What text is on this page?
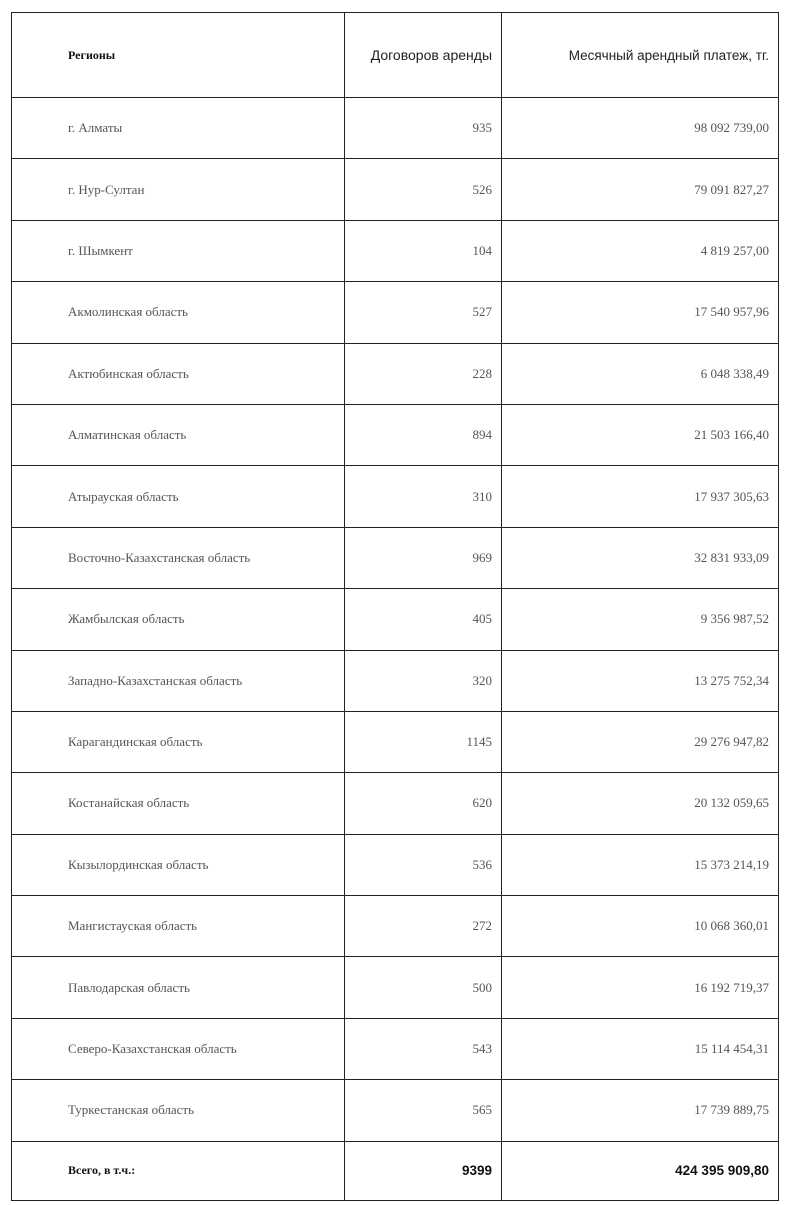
Регионы	Договоров аренды	Месячный арендный платеж, тг.
г. Алматы	935	98 092 739,00
г. Нур-Султан	526	79 091 827,27
г. Шымкент	104	4 819 257,00
Акмолинская область	527	17 540 957,96
Актюбинская область	228	6 048 338,49
Алматинская область	894	21 503 166,40
Атырауская область	310	17 937 305,63
Восточно-Казахстанская область	969	32 831 933,09
Жамбылская область	405	9 356 987,52
Западно-Казахстанская область	320	13 275 752,34
Карагандинская область	1145	29 276 947,82
Костанайская область	620	20 132 059,65
Кызылординская область	536	15 373 214,19
Мангистауская область	272	10 068 360,01
Павлодарская область	500	16 192 719,37
Северо-Казахстанская область	543	15 114 454,31
Туркестанская область	565	17 739 889,75
Всего, в т.ч.:	9399	424 395 909,80
